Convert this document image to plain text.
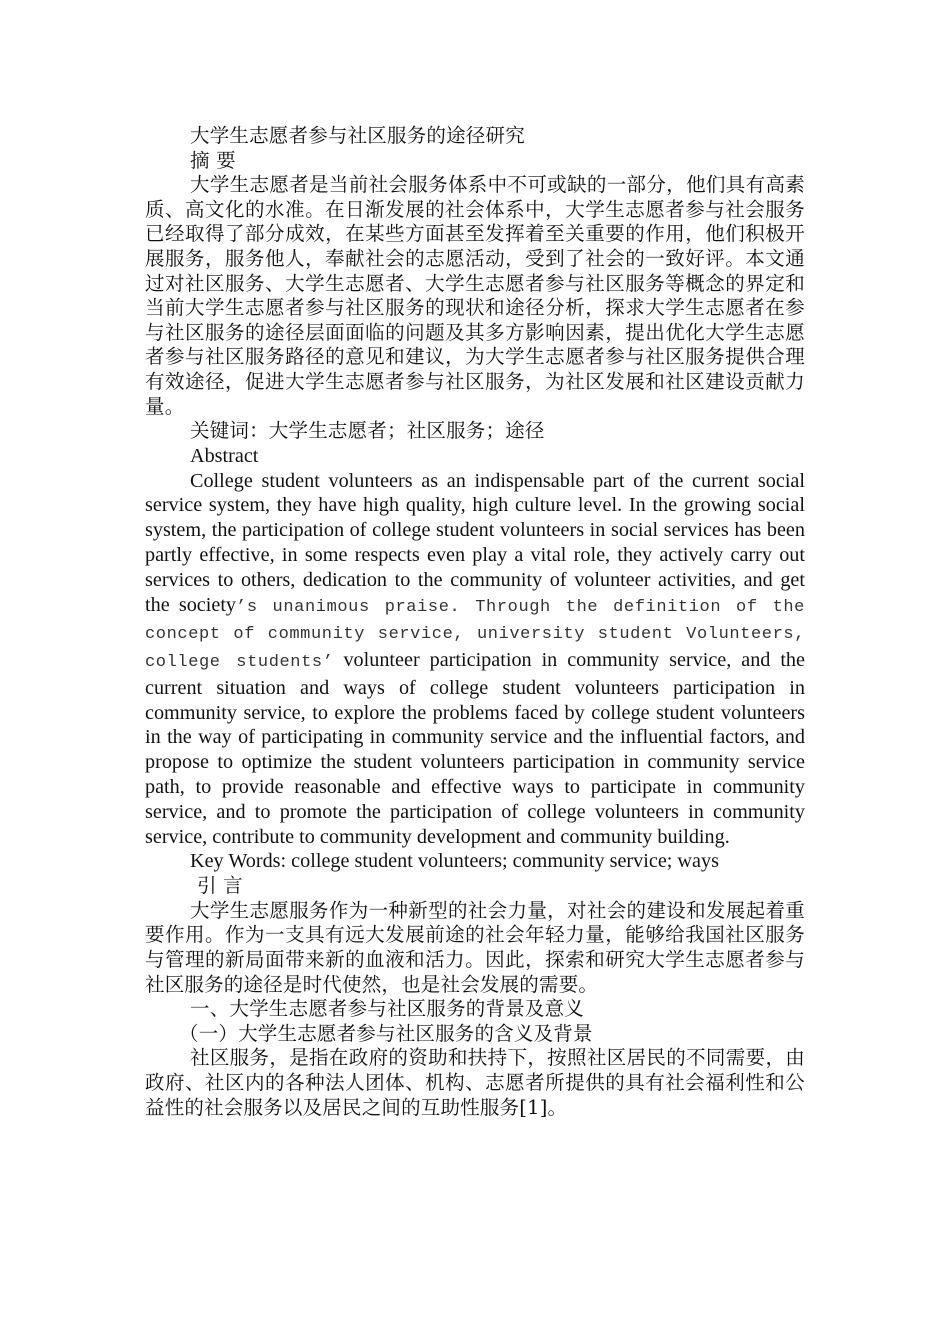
大学生志愿者参与社区服务的途径研究

摘 要

大学生志愿者是当前社会服务体系中不可或缺的一部分，他们具有高素质、高文化的水准。在日渐发展的社会体系中，大学生志愿者参与社会服务已经取得了部分成效，在某些方面甚至发挥着至关重要的作用，他们积极开展服务，服务他人，奉献社会的志愿活动，受到了社会的一致好评。本文通过对社区服务、大学生志愿者、大学生志愿者参与社区服务等概念的界定和当前大学生志愿者参与社区服务的现状和途径分析，探求大学生志愿者在参与社区服务的途径层面面临的问题及其多方影响因素，提出优化大学生志愿者参与社区服务路径的意见和建议，为大学生志愿者参与社区服务提供合理有效途径，促进大学生志愿者参与社区服务，为社区发展和社区建设贡献力量。

关键词：大学生志愿者；社区服务；途径

Abstract

College student volunteers as an indispensable part of the current social service system, they have high quality, high culture level. In the growing social system, the participation of college student volunteers in social services has been partly effective, in some respects even play a vital role, they actively carry out services to others, dedication to the community of volunteer activities, and get the society’s unanimous praise. Through the definition of the concept of community service, university student Volunteers, college students’ volunteer participation in community service, and the current situation and ways of college student volunteers participation in community service, to explore the problems faced by college student volunteers in the way of participating in community service and the influential factors, and propose to optimize the student volunteers participation in community service path, to provide reasonable and effective ways to participate in community service, and to promote the participation of college volunteers in community service, contribute to community development and community building.

Key Words: college student volunteers; community service; ways

引 言

大学生志愿服务作为一种新型的社会力量，对社会的建设和发展起着重要作用。作为一支具有远大发展前途的社会年轻力量，能够给我国社区服务与管理的新局面带来新的血液和活力。因此，探索和研究大学生志愿者参与社区服务的途径是时代使然，也是社会发展的需要。

一、大学生志愿者参与社区服务的背景及意义

（一）大学生志愿者参与社区服务的含义及背景

社区服务，是指在政府的资助和扶持下，按照社区居民的不同需要，由政府、社区内的各种法人团体、机构、志愿者所提供的具有社会福利性和公益性的社会服务以及居民之间的互助性服务[1]。
